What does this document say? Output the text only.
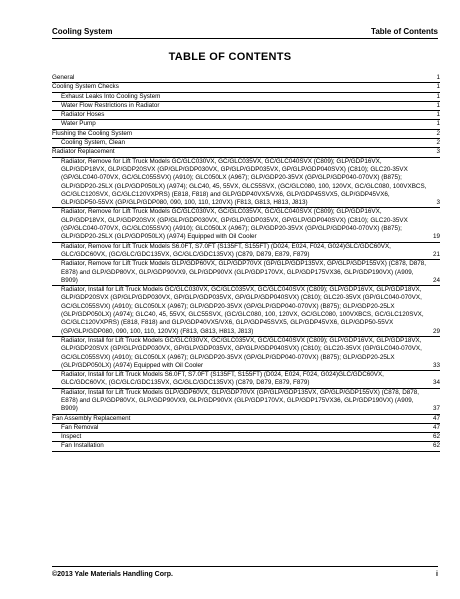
Cooling System	Table of Contents
TABLE OF CONTENTS
General	1
Cooling System Checks	1
Exhaust Leaks Into Cooling System	1
Water Flow Restrictions in Radiator	1
Radiator Hoses	1
Water Pump	1
Flushing the Cooling System	2
Cooling System, Clean	2
Radiator Replacement	3
Radiator, Remove for Lift Truck Models GC/GLC030VX, GC/GLC035VX, GC/GLC040SVX (C809); GLP/GDP16VX, GLP/GDP18VX, GLP/GDP20SVX (GP/GLP/GDP030VX, GP/GLP/GDP035VX, GP/GLP/GDP040SVX) (C810); GLC20-35VX (GP/GLC040-070VX, GC/GLC055SVX) (A910); GLC050LX (A967); GLP/GDP20-35VX (GP/GLP/GDP040-070VX) (B875); GLP/GDP20-25LX (GLP/GDP050LX) (A974); GLC40, 45, 55VX, GLC55SVX, (GC/GLC080, 100, 120VX, GC/GLC080, 100VXBCS, GC/GLC120SVX, GC/GLC120VXPRS) (E818, F818) and GLP/GDP40VX5/VX6, GLP/GDP45SVX5, GLP/GDP45VX6, GLP/GDP50-55VX (GP/GLP/GDP080, 090, 100, 110, 120VX) (F813, G813, H813, J813)	3
Radiator, Remove for Lift Truck Models GC/GLC030VX, GC/GLC035VX, GC/GLC040SVX (C809); GLP/GDP16VX, GLP/GDP18VX, GLP/GDP20SVX (GP/GLP/GDP030VX, GP/GLP/GDP035VX, GP/GLP/GDP040SVX) (C810); GLC20-35VX (GP/GLC040-070VX, GC/GLC055SVX) (A910); GLC050LX (A967); GLP/GDP20-35VX (GP/GLP/GDP040-070VX) (B875); GLP/GDP20-25LX (GLP/GDP050LX) (A974) Equipped with Oil Cooler	19
Radiator, Remove for Lift Truck Models S6.0FT, S7.0FT (S135FT, S155FT) (D024, E024, F024, G024)GLC/GDC60VX, GLC/GDC60VX, (GC/GLC/GDC135VX, GC/GLC/GDC135VX) (C879, D879, E879, F879)	21
Radiator, Remove for Lift Truck Models GLP/GDP60VX, GLP/GDP70VX (GP/GLP/GDP135VX, GP/GLP/GDP155VX) (C878, D878, E878) and GLP/GDP80VX, GLP/GDP90VX9, GLP/GDP90VX (GLP/GDP170VX, GLP/GDP175VX36, GLP/GDP190VX) (A909, B909)	24
Radiator, Install for Lift Truck Models GC/GLC030VX, GC/GLC035VX, GC/GLC040SVX (C809); GLP/GDP16VX, GLP/GDP18VX, GLP/GDP20SVX (GP/GLP/GDP030VX, GP/GLP/GDP035VX, GP/GLP/GDP040SVX) (C810); GLC20-35VX (GP/GLC040-070VX, GC/GLC055SVX) (A910); GLC050LX (A967); GLP/GDP20-35VX (GP/GLP/GDP040-070VX) (B875); GLP/GDP20-25LX (GLP/GDP050LX) (A974); GLC40, 45, 55VX, GLC55SVX, (GC/GLC080, 100, 120VX, GC/GLC080, 100VXBCS, GC/GLC120SVX, GC/GLC120VXPRS) (E818, F818) and GLP/GDP40VX5/VX6, GLP/GDP45SVX5, GLP/GDP45VX6, GLP/GDP50-55VX (GP/GLP/GDP080, 090, 100, 110, 120VX) (F813, G813, H813, J813)	29
Radiator, Install for Lift Truck Models GC/GLC030VX, GC/GLC035VX, GC/GLC040SVX (C809); GLP/GDP16VX, GLP/GDP18VX, GLP/GDP20SVX (GP/GLP/GDP030VX, GP/GLP/GDP035VX, GP/GLP/GDP040SVX) (C810); GLC20-35VX (GP/GLC040-070VX, GC/GLC055SVX) (A910); GLC050LX (A967); GLP/GDP20-35VX (GP/GLP/GDP040-070VX) (B875); GLP/GDP20-25LX (GLP/GDP050LX) (A974) Equipped with Oil Cooler	33
Radiator, Install for Lift Truck Models S6.0FT, S7.0FT (S135FT, S155FT) (D024, E024, F024, G024)GLC/GDC60VX, GLC/GDC60VX, (GC/GLC/GDC135VX, GC/GLC/GDC135VX) (C879, D879, E879, F879)	34
Radiator, Install for Lift Truck Models GLP/GDP60VX, GLP/GDP70VX (GP/GLP/GDP135VX, GP/GLP/GDP155VX) (C878, D878, E878) and GLP/GDP80VX, GLP/GDP90VX9, GLP/GDP90VX (GLP/GDP170VX, GLP/GDP175VX36, GLP/GDP190VX) (A909, B909)	37
Fan Assembly Replacement	47
Fan Removal	47
Inspect	62
Fan Installation	62
©2013 Yale Materials Handling Corp.	i
